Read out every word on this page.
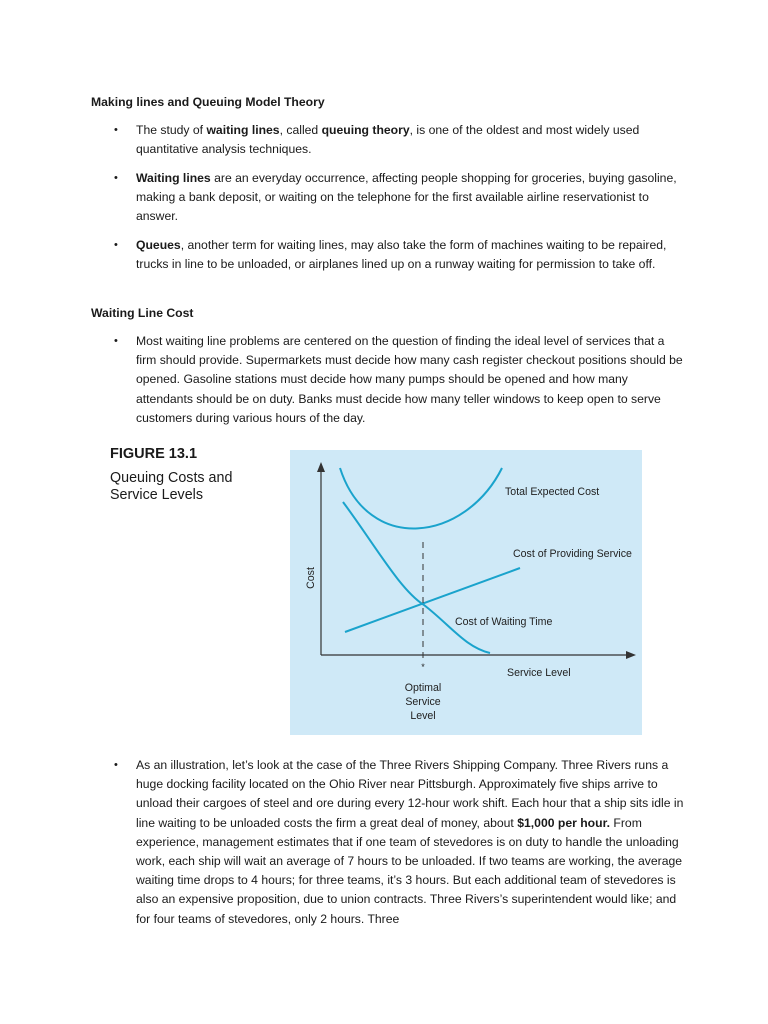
Making lines and Queuing Model Theory
•	The study of waiting lines, called queuing theory, is one of the oldest and most widely used quantitative analysis techniques.
•	Waiting lines are an everyday occurrence, affecting people shopping for groceries, buying gasoline, making a bank deposit, or waiting on the telephone for the first available airline reservationist to answer.
•	Queues, another term for waiting lines, may also take the form of machines waiting to be repaired, trucks in line to be unloaded, or airplanes lined up on a runway waiting for permission to take off.
Waiting Line Cost
•	Most waiting line problems are centered on the question of finding the ideal level of services that a firm should provide. Supermarkets must decide how many cash register checkout positions should be opened. Gasoline stations must decide how many pumps should be opened and how many attendants should be on duty. Banks must decide how many teller windows to keep open to serve customers during various hours of the day.
FIGURE 13.1
Queuing Costs and Service Levels	Total Expected Cost
Cost of Providing Service
Cost of Waiting Time
Service Level
Cost
*
Optimal
Service
Level
•	As an illustration, let’s look at the case of the Three Rivers Shipping Company. Three Rivers runs a huge docking facility located on the Ohio River near Pittsburgh. Approximately five ships arrive to unload their cargoes of steel and ore during every 12-hour work shift. Each hour that a ship sits idle in line waiting to be unloaded costs the firm a great deal of money, about $1,000 per hour. From experience, management estimates that if one team of stevedores is on duty to handle the unloading work, each ship will wait an average of 7 hours to be unloaded. If two teams are working, the average waiting time drops to 4 hours; for three teams, it’s 3 hours. But each additional team of stevedores is also an expensive proposition, due to union contracts. Three Rivers’s superintendent would like; and for four teams of stevedores, only 2 hours. Three
